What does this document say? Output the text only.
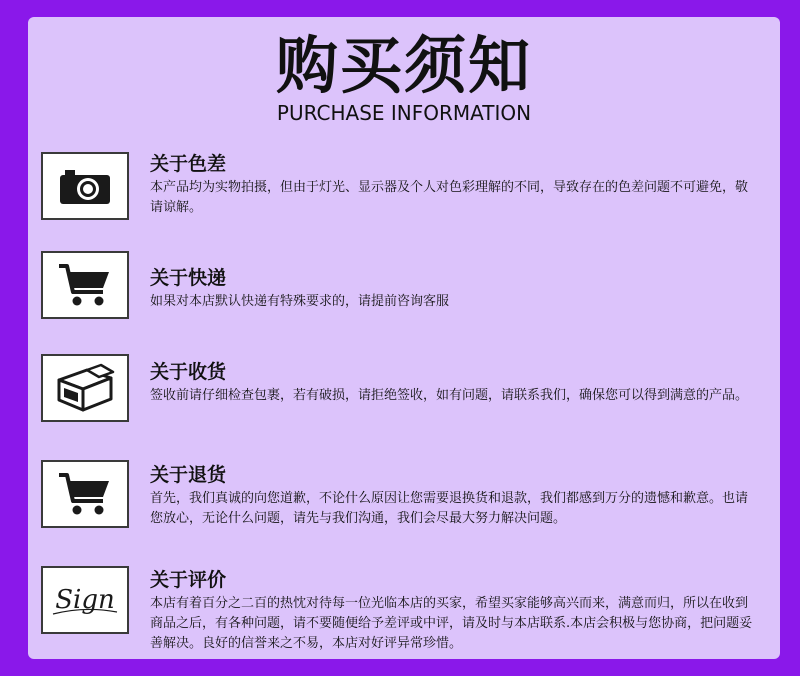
购买须知
PURCHASE INFORMATION
关于色差
本产品均为实物拍摄，但由于灯光、显示器及个人对色彩理解的不同，导致存在的色差问题不可避免，敬请谅解。
关于快递
如果对本店默认快递有特殊要求的，请提前咨询客服
关于收货
签收前请仔细检查包裹，若有破损，请拒绝签收，如有问题，请联系我们，确保您可以得到满意的产品。
关于退货
首先，我们真诚的向您道歉，不论什么原因让您需要退换货和退款，我们都感到万分的遗憾和歉意。也请您放心，无论什么问题，请先与我们沟通，我们会尽最大努力解决问题。
Sign
关于评价
本店有着百分之二百的热忱对待每一位光临本店的买家，希望买家能够高兴而来，满意而归，所以在收到商品之后，有各种问题，请不要随便给予差评或中评，请及时与本店联系.本店会积极与您协商，把问题妥善解决。良好的信誉来之不易，本店对好评异常珍惜。
